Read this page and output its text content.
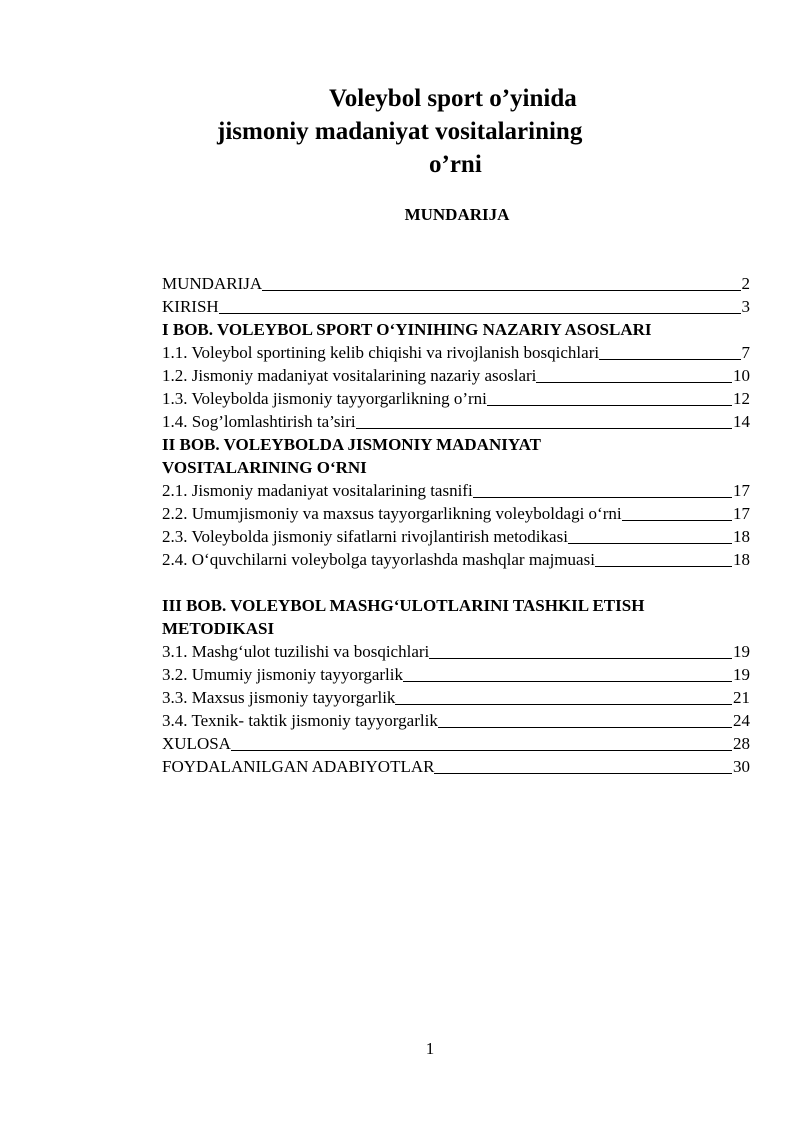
Voleybol sport o’yinida
jismoniy madaniyat vositalarining
o’rni
MUNDARIJA
MUNDARIJA	2
KIRISH	3
I BOB. VOLEYBOL SPORT O‘YINIНING NAZARIY ASOSLARI
1.1. Voleybol sportining kelib chiqishi va rivojlanish bosqichlari	7
1.2. Jismoniy madaniyat vositalarining nazariy asoslari	10
1.3. Voleybolda jismoniy tayyorgarlikning o’rni	12
1.4. Sog’lomlashtirish ta’siri	14
II BOB. VOLEYBOLDA JISMONIY MADANIYAT
VOSITALARINING O‘RNI
2.1. Jismoniy madaniyat vositalarining tasnifi	17
2.2. Umumjismoniy va maxsus tayyorgarlikning voleyboldagi o‘rni	17
2.3. Voleybolda jismoniy sifatlarni rivojlantirish metodikasi	18
2.4. O‘quvchilarni voleybolga tayyorlashda mashqlar majmuasi	18
III BOB. VOLEYBOL MASHG‘ULOTLARINI TASHKIL ETISH
METODIKASI
3.1. Mashg‘ulot tuzilishi va bosqichlari	19
3.2. Umumiy jismoniy tayyorgarlik	19
3.3. Maxsus jismoniy tayyorgarlik	21
3.4. Texnik- taktik jismoniy tayyorgarlik	24
XULOSA	28
FOYDALANILGAN ADABIYOTLAR	30
1
